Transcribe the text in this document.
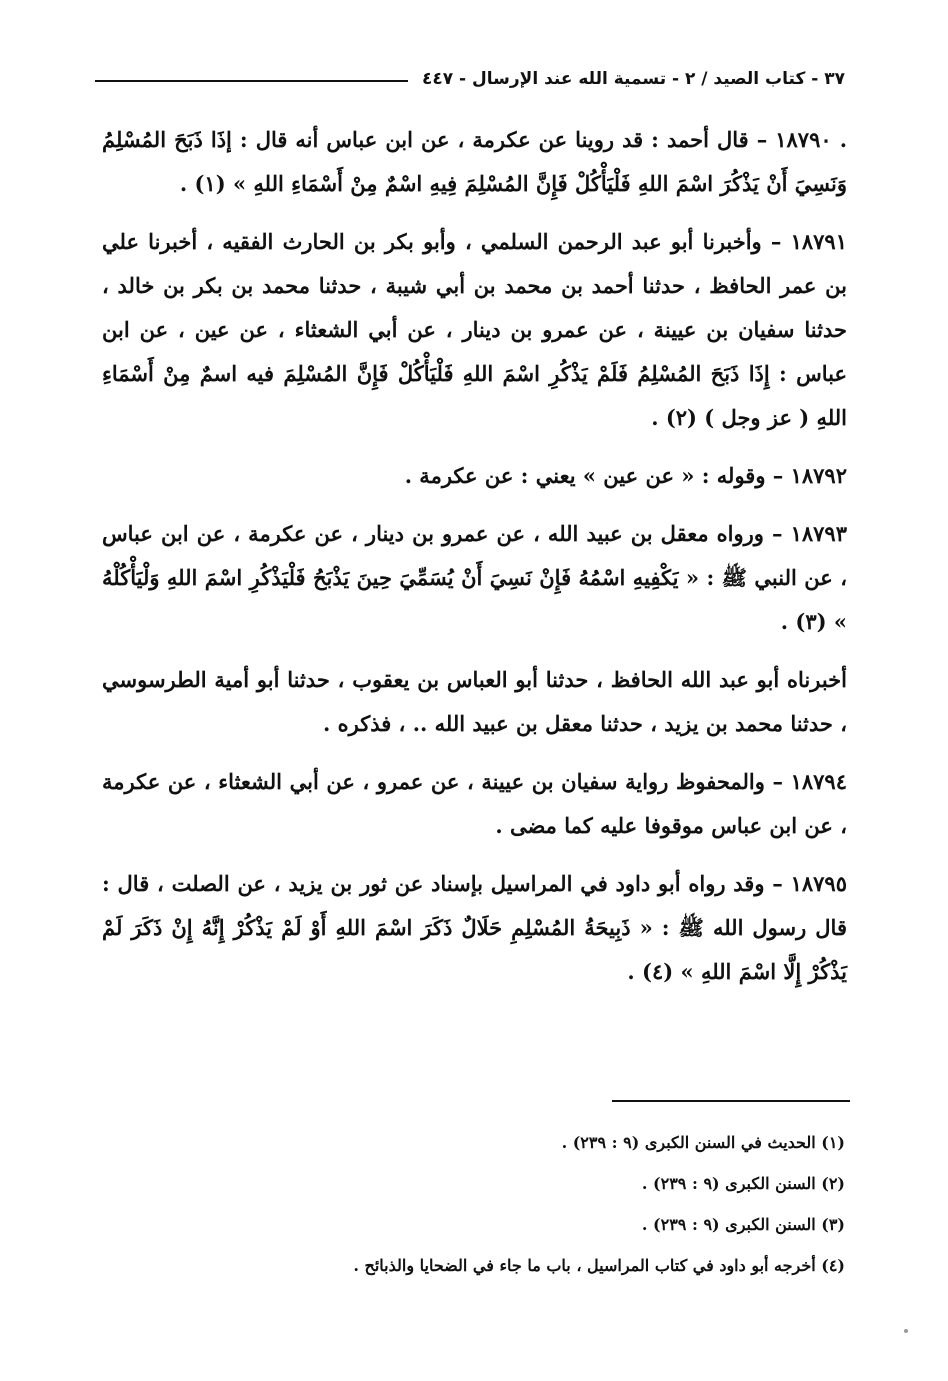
٣٧ - كتاب الصيد / ٢ - تسمية الله عند الإرسال - ٤٤٧

. ١٨٧٩٠ – قال أحمد : قد روينا عن عكرمة ، عن ابن عباس أنه قال : إذَا ذَبَحَ المُسْلِمُ وَنَسِيَ أَنْ يَذْكُرَ اسْمَ اللهِ فَلْيَأْكُلْ فَإِنَّ المُسْلِمَ فِيهِ اسْمٌ مِنْ أَسْمَاءِ اللهِ » (١) .

١٨٧٩١ – وأخبرنا أبو عبد الرحمن السلمي ، وأبو بكر بن الحارث الفقيه ، أخبرنا علي بن عمر الحافظ ، حدثنا أحمد بن محمد بن أبي شيبة ، حدثنا محمد بن بكر بن خالد ، حدثنا سفيان بن عيينة ، عن عمرو بن دينار ، عن أبي الشعثاء ، عن عين ، عن ابن عباس : إِذَا ذَبَحَ المُسْلِمُ فَلَمْ يَذْكُرِ اسْمَ اللهِ فَلْيَأْكُلْ فَإِنَّ المُسْلِمَ فيه اسمٌ مِنْ أَسْمَاءِ اللهِ ( عز وجل ) (٢) .

١٨٧٩٢ – وقوله : « عن عين » يعني : عن عكرمة .

١٨٧٩٣ – ورواه معقل بن عبيد الله ، عن عمرو بن دينار ، عن عكرمة ، عن ابن عباس ، عن النبي ﷺ : « يَكْفِيهِ اسْمُهُ فَإِنْ نَسِيَ أَنْ يُسَمِّيَ حِينَ يَذْبَحُ فَلْيَذْكُرِ اسْمَ اللهِ وَلْيَأْكُلْهُ » (٣) .

أخبرناه أبو عبد الله الحافظ ، حدثنا أبو العباس بن يعقوب ، حدثنا أبو أمية الطرسوسي ، حدثنا محمد بن يزيد ، حدثنا معقل بن عبيد الله .. ، فذكره .

١٨٧٩٤ – والمحفوظ رواية سفيان بن عيينة ، عن عمرو ، عن أبي الشعثاء ، عن عكرمة ، عن ابن عباس موقوفا عليه كما مضى .

١٨٧٩٥ – وقد رواه أبو داود في المراسيل بإسناد عن ثور بن يزيد ، عن الصلت ، قال : قال رسول الله ﷺ : « ذَبِيحَةُ المُسْلِمِ حَلَالٌ ذَكَرَ اسْمَ اللهِ أَوْ لَمْ يَذْكُرْ إِنَّهُ إِنْ ذَكَرَ لَمْ يَذْكُرْ إِلَّا اسْمَ اللهِ » (٤) .

(١) الحديث في السنن الكبرى (٩ : ٢٣٩) .

(٢) السنن الكبرى (٩ : ٢٣٩) .

(٣) السنن الكبرى (٩ : ٢٣٩) .

(٤) أخرجه أبو داود في كتاب المراسيل ، باب ما جاء في الضحايا والذبائح .
